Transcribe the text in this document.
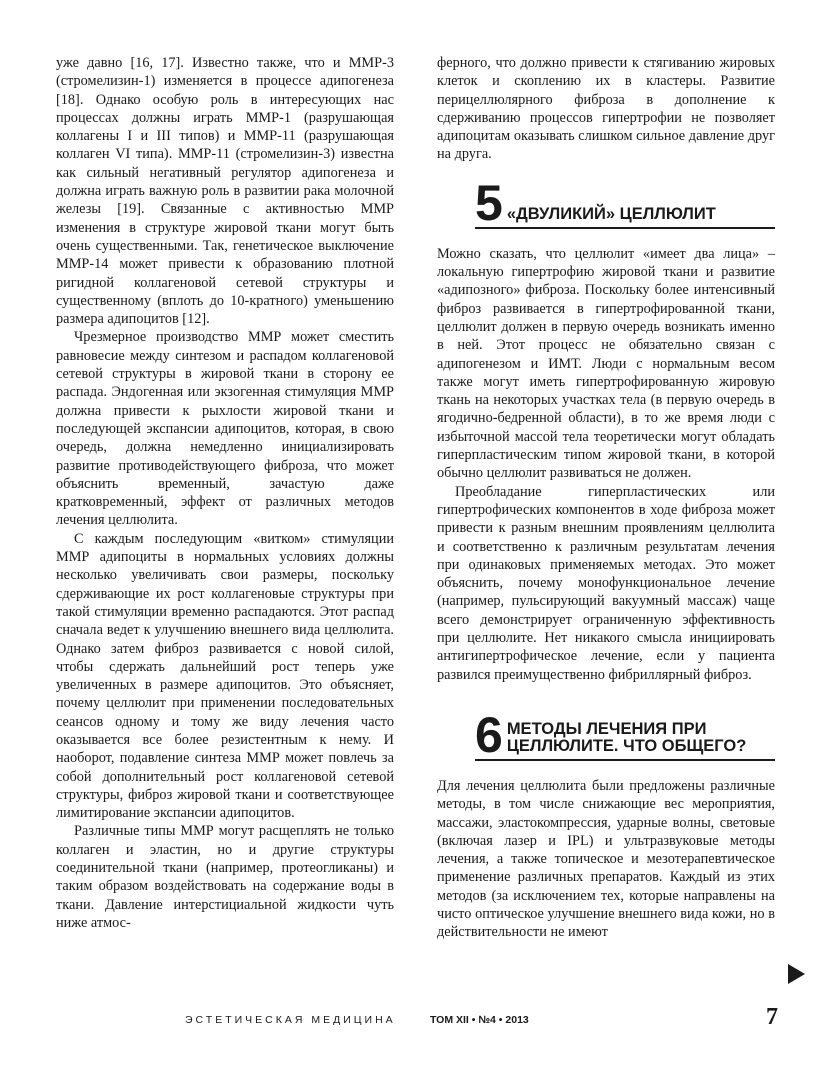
уже давно [16, 17]. Известно также, что и ММР-3 (стромелизин-1) изменяется в процессе адипогенеза [18]. Однако особую роль в интересующих нас процессах должны играть ММР-1 (разрушающая коллагены I и III типов) и ММР-11 (разрушающая коллаген VI типа). ММР-11 (стромелизин-3) известна как сильный негативный регулятор адипогенеза и должна играть важную роль в развитии рака молочной железы [19]. Связанные с активностью ММР изменения в структуре жировой ткани могут быть очень существенными. Так, генетическое выключение ММР-14 может привести к образованию плотной ригидной коллагеновой сетевой структуры и существенному (вплоть до 10-кратного) уменьшению размера адипоцитов [12].

Чрезмерное производство ММР может сместить равновесие между синтезом и распадом коллагеновой сетевой структуры в жировой ткани в сторону ее распада. Эндогенная или экзогенная стимуляция ММР должна привести к рыхлости жировой ткани и последующей экспансии адипоцитов, которая, в свою очередь, должна немедленно инициализировать развитие противодействующего фиброза, что может объяснить временный, зачастую даже кратковременный, эффект от различных методов лечения целлюлита.

С каждым последующим «витком» стимуляции ММР адипоциты в нормальных условиях должны несколько увеличивать свои размеры, поскольку сдерживающие их рост коллагеновые структуры при такой стимуляции временно распадаются. Этот распад сначала ведет к улучшению внешнего вида целлюлита. Однако затем фиброз развивается с новой силой, чтобы сдержать дальнейший рост теперь уже увеличенных в размере адипоцитов. Это объясняет, почему целлюлит при применении последовательных сеансов одному и тому же виду лечения часто оказывается все более резистентным к нему. И наоборот, подавление синтеза ММР может повлечь за собой дополнительный рост коллагеновой сетевой структуры, фиброз жировой ткани и соответствующее лимитирование экспансии адипоцитов.

Различные типы ММР могут расщеплять не только коллаген и эластин, но и другие структуры соединительной ткани (например, протеогликаны) и таким образом воздействовать на содержание воды в ткани. Давление интерстициальной жидкости чуть ниже атмос-

ферного, что должно привести к стягиванию жировых клеток и скоплению их в кластеры. Развитие перицеллюлярного фиброза в дополнение к сдерживанию процессов гипертрофии не позволяет адипоцитам оказывать слишком сильное давление друг на друга.

5 «ДВУЛИКИЙ» ЦЕЛЛЮЛИТ

Можно сказать, что целлюлит «имеет два лица» – локальную гипертрофию жировой ткани и развитие «адипозного» фиброза. Поскольку более интенсивный фиброз развивается в гипертрофированной ткани, целлюлит должен в первую очередь возникать именно в ней. Этот процесс не обязательно связан с адипогенезом и ИМТ. Люди с нормальным весом также могут иметь гипертрофированную жировую ткань на некоторых участках тела (в первую очередь в ягодично-бедренной области), в то же время люди с избыточной массой тела теоретически могут обладать гиперпластическим типом жировой ткани, в которой обычно целлюлит развиваться не должен.

Преобладание гиперпластических или гипертрофических компонентов в ходе фиброза может привести к разным внешним проявлениям целлюлита и соответственно к различным результатам лечения при одинаковых применяемых методах. Это может объяснить, почему монофункциональное лечение (например, пульсирующий вакуумный массаж) чаще всего демонстрирует ограниченную эффективность при целлюлите. Нет никакого смысла инициировать антигипертрофическое лечение, если у пациента развился преимущественно фибриллярный фиброз.

6 МЕТОДЫ ЛЕЧЕНИЯ ПРИ
ЦЕЛЛЮЛИТЕ. ЧТО ОБЩЕГО?

Для лечения целлюлита были предложены различные методы, в том числе снижающие вес мероприятия, массажи, эластокомпрессия, ударные волны, световые (включая лазер и IPL) и ультразвуковые методы лечения, а также топическое и мезотерапевтическое применение различных препаратов. Каждый из этих методов (за исключением тех, которые направлены на чисто оптическое улучшение внешнего вида кожи, но в действительности не имеют

ЭСТЕТИЧЕСКАЯ МЕДИЦИНА	ТОМ XII • №4 • 2013	7
